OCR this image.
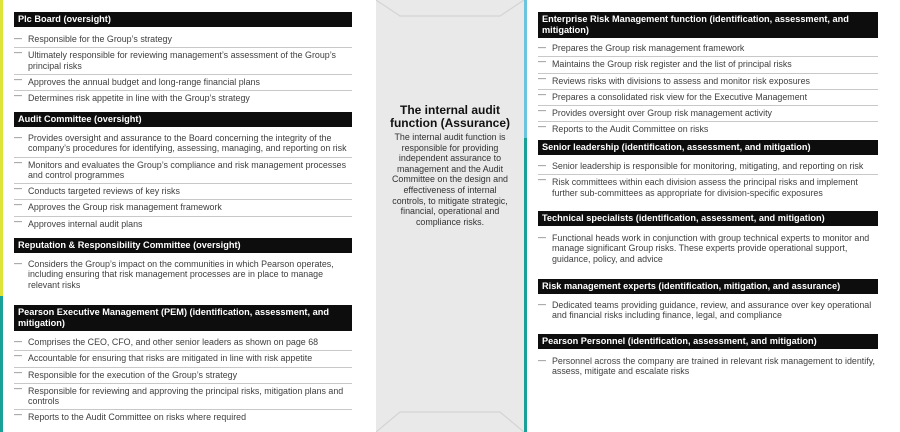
Plc Board (oversight)
— Responsible for the Group’s strategy
— Ultimately responsible for reviewing management’s assessment of the Group’s principal risks
— Approves the annual budget and long-range financial plans
— Determines risk appetite in line with the Group’s strategy
Audit Committee (oversight)
— Provides oversight and assurance to the Board concerning the integrity of the company’s procedures for identifying, assessing, managing, and reporting on risk
— Monitors and evaluates the Group’s compliance and risk management processes and control programmes
— Conducts targeted reviews of key risks
— Approves the Group risk management framework
— Approves internal audit plans
Reputation & Responsibility Committee (oversight)
— Considers the Group’s impact on the communities in which Pearson operates, including ensuring that risk management processes are in place to manage relevant risks
Pearson Executive Management (PEM) (identification, assessment, and mitigation)
— Comprises the CEO, CFO, and other senior leaders as shown on page 68
— Accountable for ensuring that risks are mitigated in line with risk appetite
— Responsible for the execution of the Group’s strategy
— Responsible for reviewing and approving the principal risks, mitigation plans and controls
— Reports to the Audit Committee on risks where required
The internal audit function (Assurance)
The internal audit function is responsible for providing independent assurance to management and the Audit Committee on the design and effectiveness of internal controls, to mitigate strategic, financial, operational and compliance risks.
Enterprise Risk Management function (identification, assessment, and mitigation)
— Prepares the Group risk management framework
— Maintains the Group risk register and the list of principal risks
— Reviews risks with divisions to assess and monitor risk exposures
— Prepares a consolidated risk view for the Executive Management
— Provides oversight over Group risk management activity
— Reports to the Audit Committee on risks
Senior leadership (identification, assessment, and mitigation)
— Senior leadership is responsible for monitoring, mitigating, and reporting on risk
— Risk committees within each division assess the principal risks and implement further sub-committees as appropriate for division-specific exposures
Technical specialists (identification, assessment, and mitigation)
— Functional heads work in conjunction with group technical experts to monitor and manage significant Group risks. These experts provide operational support, guidance, policy, and advice
Risk management experts (identification, mitigation, and assurance)
— Dedicated teams providing guidance, review, and assurance over key operational and financial risks including finance, legal, and compliance
Pearson Personnel (identification, assessment, and mitigation)
— Personnel across the company are trained in relevant risk management to identify, assess, mitigate and escalate risks
